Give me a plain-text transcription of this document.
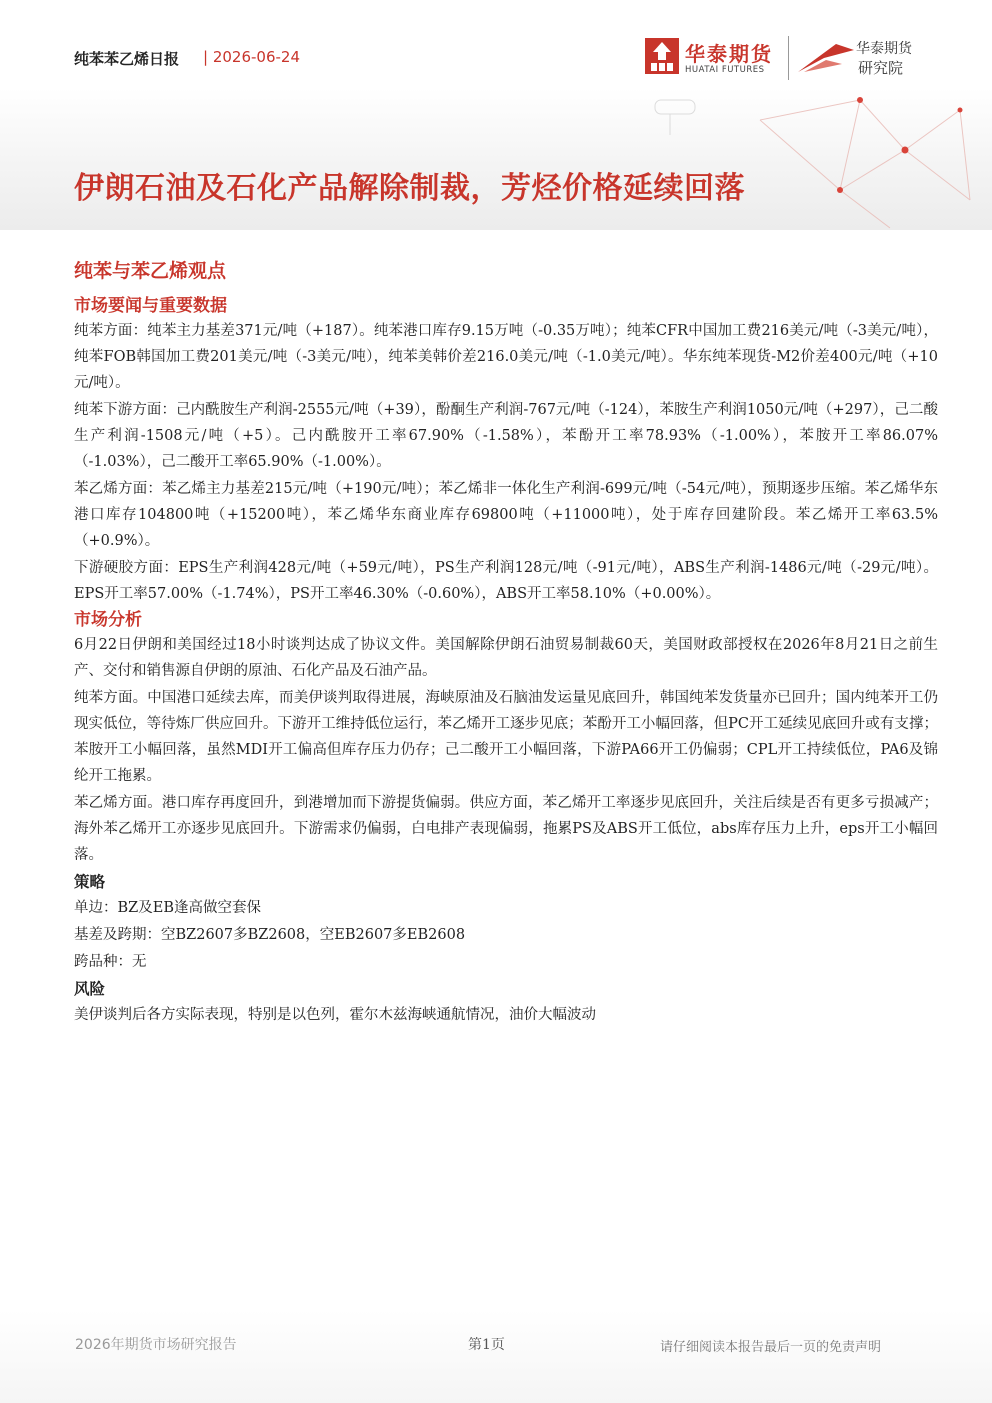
纯苯苯乙烯日报 | 2026-06-24	华泰期货
HUATAI FUTURES
华泰期货
研究院
伊朗石油及石化产品解除制裁，芳烃价格延续回落
纯苯与苯乙烯观点
市场要闻与重要数据
纯苯方面：纯苯主力基差371元/吨（+187）。纯苯港口库存9.15万吨（-0.35万吨）；纯苯CFR中国加工费216美元/吨（-3美元/吨），纯苯FOB韩国加工费201美元/吨（-3美元/吨），纯苯美韩价差216.0美元/吨（-1.0美元/吨）。华东纯苯现货-M2价差400元/吨（+10元/吨）。
纯苯下游方面：己内酰胺生产利润-2555元/吨（+39），酚酮生产利润-767元/吨（-124），苯胺生产利润1050元/吨（+297），己二酸生产利润-1508元/吨（+5）。己内酰胺开工率67.90%（-1.58%），苯酚开工率78.93%（-1.00%），苯胺开工率86.07%（-1.03%），己二酸开工率65.90%（-1.00%）。
苯乙烯方面：苯乙烯主力基差215元/吨（+190元/吨）；苯乙烯非一体化生产利润-699元/吨（-54元/吨），预期逐步压缩。苯乙烯华东港口库存104800吨（+15200吨），苯乙烯华东商业库存69800吨（+11000吨），处于库存回建阶段。苯乙烯开工率63.5%（+0.9%）。
下游硬胶方面：EPS生产利润428元/吨（+59元/吨），PS生产利润128元/吨（-91元/吨），ABS生产利润-1486元/吨（-29元/吨）。EPS开工率57.00%（-1.74%），PS开工率46.30%（-0.60%），ABS开工率58.10%（+0.00%）。
市场分析
6月22日伊朗和美国经过18小时谈判达成了协议文件。美国解除伊朗石油贸易制裁60天，美国财政部授权在2026年8月21日之前生产、交付和销售源自伊朗的原油、石化产品及石油产品。
纯苯方面。中国港口延续去库，而美伊谈判取得进展，海峡原油及石脑油发运量见底回升，韩国纯苯发货量亦已回升；国内纯苯开工仍现实低位，等待炼厂供应回升。下游开工维持低位运行，苯乙烯开工逐步见底；苯酚开工小幅回落，但PC开工延续见底回升或有支撑；苯胺开工小幅回落，虽然MDI开工偏高但库存压力仍存；己二酸开工小幅回落，下游PA66开工仍偏弱；CPL开工持续低位，PA6及锦纶开工拖累。
苯乙烯方面。港口库存再度回升，到港增加而下游提货偏弱。供应方面，苯乙烯开工率逐步见底回升，关注后续是否有更多亏损减产；海外苯乙烯开工亦逐步见底回升。下游需求仍偏弱，白电排产表现偏弱，拖累PS及ABS开工低位，abs库存压力上升，eps开工小幅回落。
策略
单边：BZ及EB逢高做空套保
基差及跨期：空BZ2607多BZ2608，空EB2607多EB2608
跨品种：无
风险
美伊谈判后各方实际表现，特别是以色列，霍尔木兹海峡通航情况，油价大幅波动
2026年期货市场研究报告	第1页	请仔细阅读本报告最后一页的免责声明
